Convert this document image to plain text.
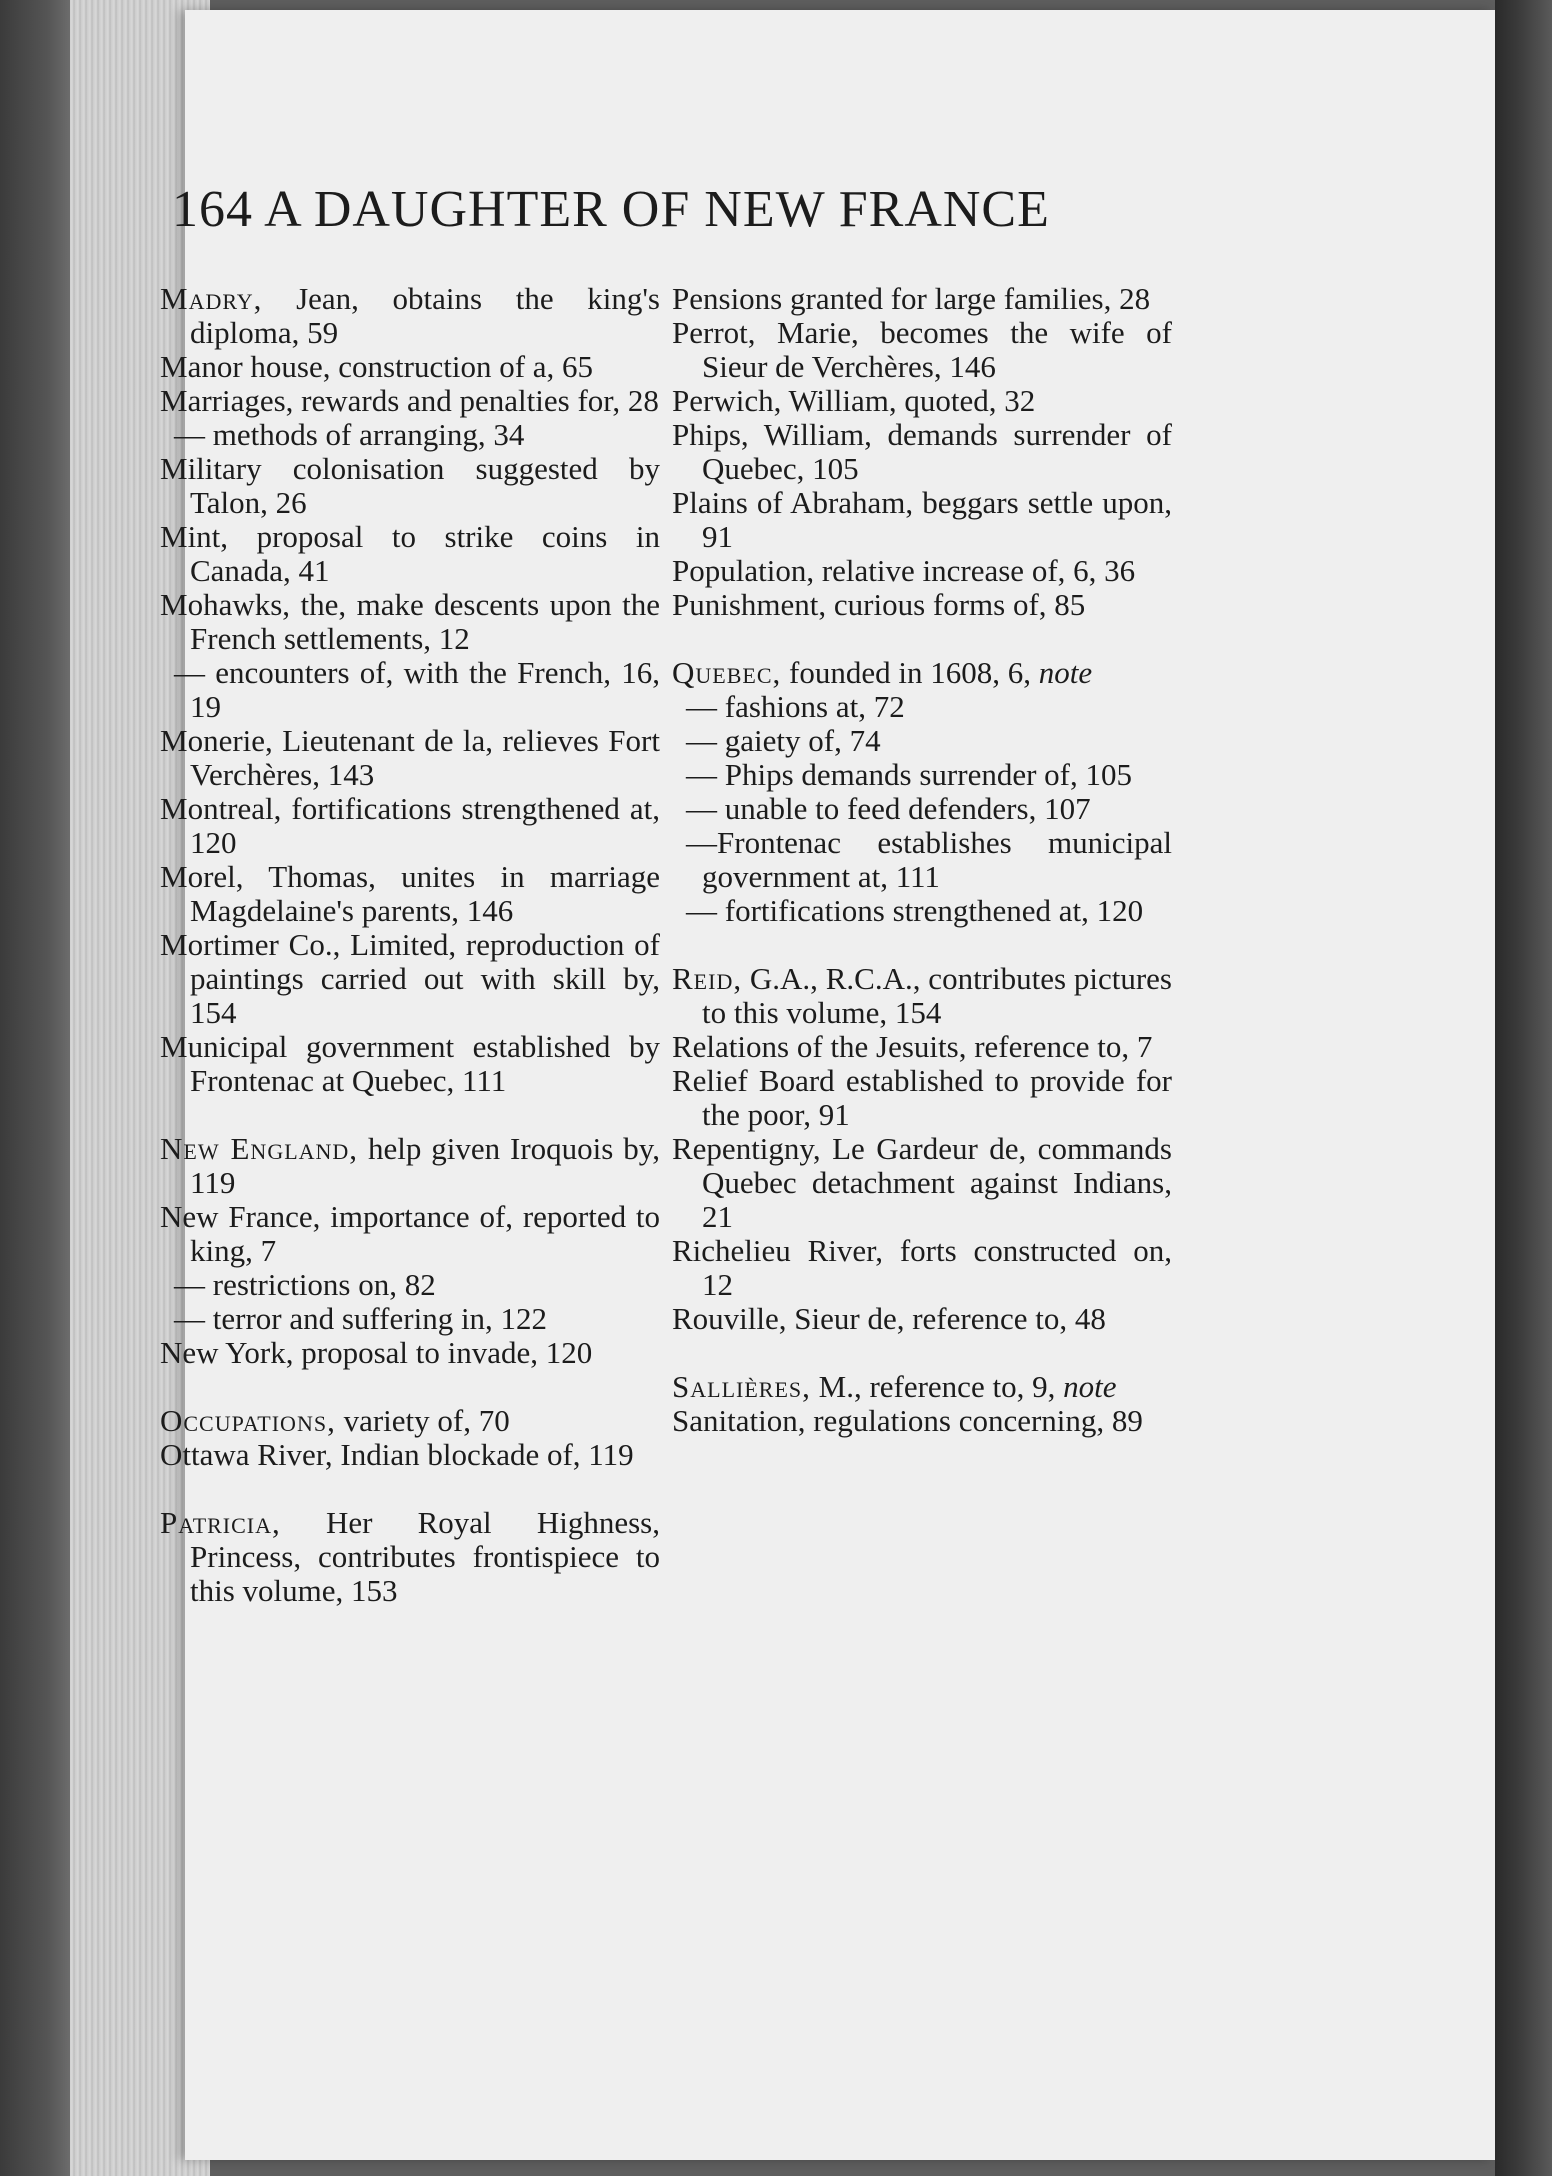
164 A DAUGHTER OF NEW FRANCE
Madry, Jean, obtains the king's diploma, 59
Manor house, construction of a, 65
Marriages, rewards and penalties for, 28
— methods of arranging, 34
Military colonisation suggested by Talon, 26
Mint, proposal to strike coins in Canada, 41
Mohawks, the, make descents upon the French settlements, 12
— encounters of, with the French, 16, 19
Monerie, Lieutenant de la, relieves Fort Verchères, 143
Montreal, fortifications strengthened at, 120
Morel, Thomas, unites in marriage Magdelaine's parents, 146
Mortimer Co., Limited, reproduction of paintings carried out with skill by, 154
Municipal government established by Frontenac at Quebec, 111
New England, help given Iroquois by, 119
New France, importance of, reported to king, 7
— restrictions on, 82
— terror and suffering in, 122
New York, proposal to invade, 120
Occupations, variety of, 70
Ottawa River, Indian blockade of, 119
Patricia, Her Royal Highness, Princess, contributes frontispiece to this volume, 153
Pensions granted for large families, 28
Perrot, Marie, becomes the wife of Sieur de Verchères, 146
Perwich, William, quoted, 32
Phips, William, demands surrender of Quebec, 105
Plains of Abraham, beggars settle upon, 91
Population, relative increase of, 6, 36
Punishment, curious forms of, 85
Quebec, founded in 1608, 6, note
— fashions at, 72
— gaiety of, 74
— Phips demands surrender of, 105
— unable to feed defenders, 107
—Frontenac establishes municipal government at, 111
— fortifications strengthened at, 120
Reid, G.A., R.C.A., contributes pictures to this volume, 154
Relations of the Jesuits, reference to, 7
Relief Board established to provide for the poor, 91
Repentigny, Le Gardeur de, commands Quebec detachment against Indians, 21
Richelieu River, forts constructed on, 12
Rouville, Sieur de, reference to, 48
Sallières, M., reference to, 9, note
Sanitation, regulations concerning, 89
